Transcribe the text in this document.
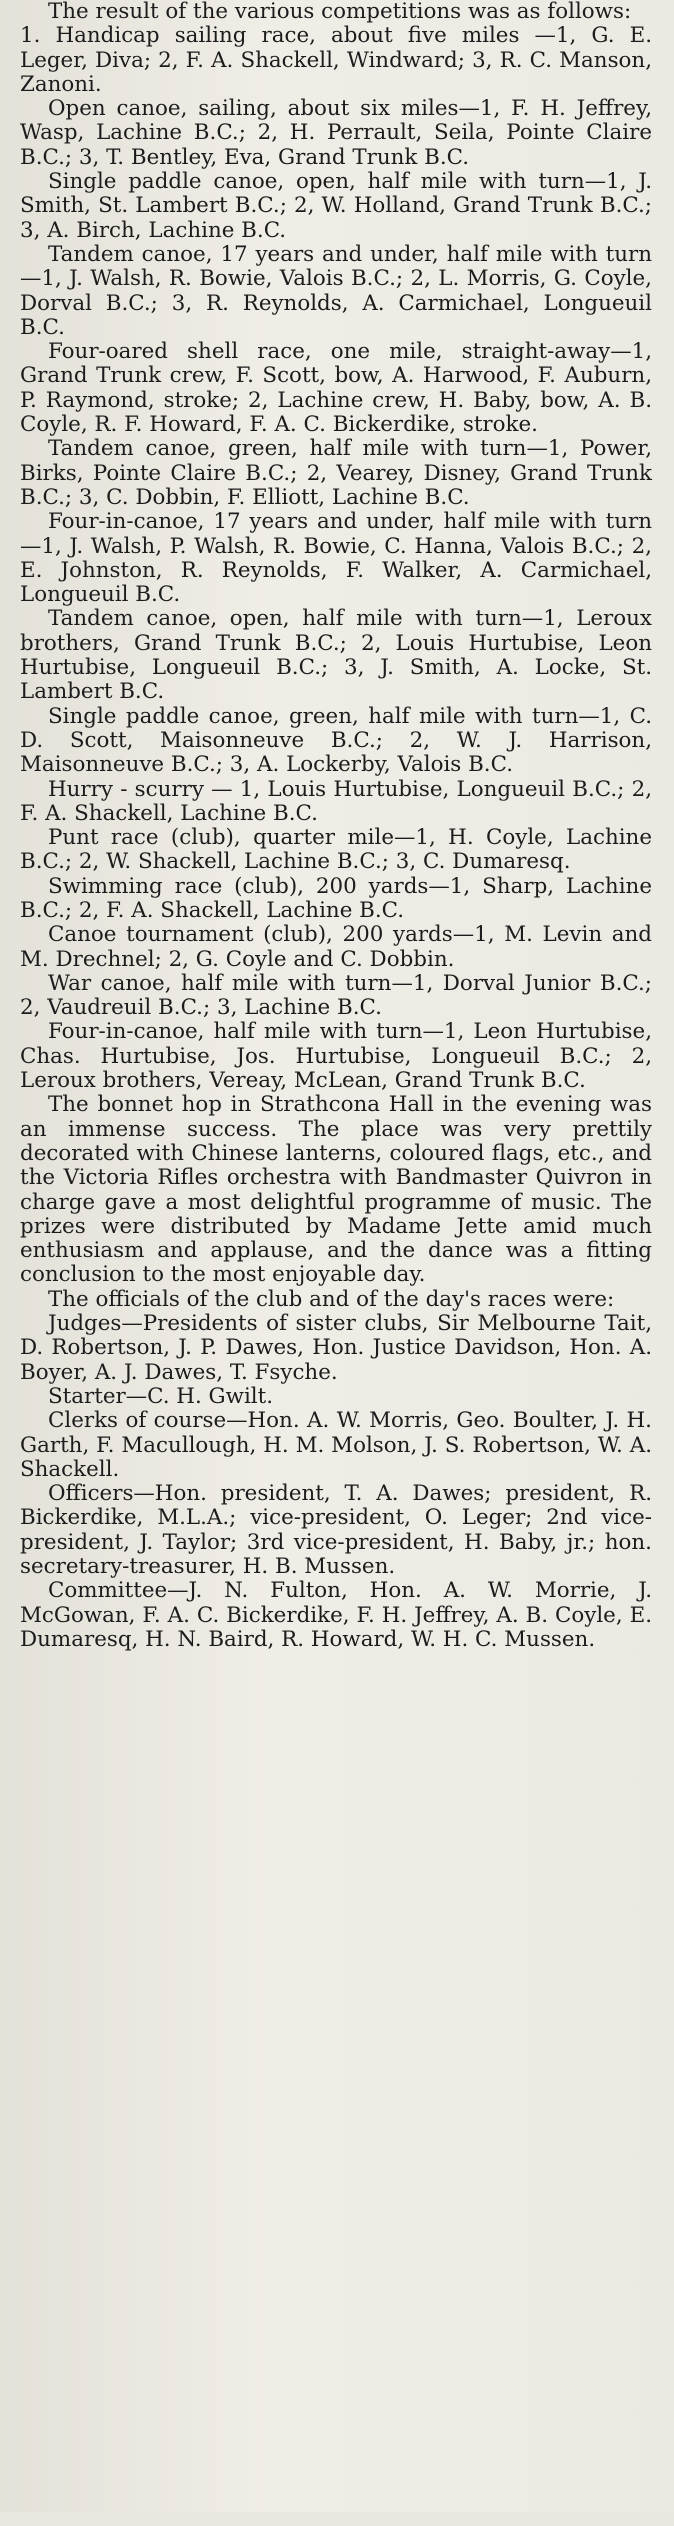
The result of the various competitions was as follows:

1. Handicap sailing race, about five miles —1, G. E. Leger, Diva; 2, F. A. Shackell, Windward; 3, R. C. Manson, Zanoni.

Open canoe, sailing, about six miles—1, F. H. Jeffrey, Wasp, Lachine B.C.; 2, H. Perrault, Seila, Pointe Claire B.C.; 3, T. Bentley, Eva, Grand Trunk B.C.

Single paddle canoe, open, half mile with turn—1, J. Smith, St. Lambert B.C.; 2, W. Holland, Grand Trunk B.C.; 3, A. Birch, Lachine B.C.

Tandem canoe, 17 years and under, half mile with turn—1, J. Walsh, R. Bowie, Valois B.C.; 2, L. Morris, G. Coyle, Dorval B.C.; 3, R. Reynolds, A. Carmichael, Longueuil B.C.

Four-oared shell race, one mile, straight-away—1, Grand Trunk crew, F. Scott, bow, A. Harwood, F. Auburn, P. Raymond, stroke; 2, Lachine crew, H. Baby, bow, A. B. Coyle, R. F. Howard, F. A. C. Bickerdike, stroke.

Tandem canoe, green, half mile with turn—1, Power, Birks, Pointe Claire B.C.; 2, Vearey, Disney, Grand Trunk B.C.; 3, C. Dobbin, F. Elliott, Lachine B.C.

Four-in-canoe, 17 years and under, half mile with turn—1, J. Walsh, P. Walsh, R. Bowie, C. Hanna, Valois B.C.; 2, E. Johnston, R. Reynolds, F. Walker, A. Carmichael, Longueuil B.C.

Tandem canoe, open, half mile with turn—1, Leroux brothers, Grand Trunk B.C.; 2, Louis Hurtubise, Leon Hurtubise, Longueuil B.C.; 3, J. Smith, A. Locke, St. Lambert B.C.

Single paddle canoe, green, half mile with turn—1, C. D. Scott, Maisonneuve B.C.; 2, W. J. Harrison, Maisonneuve B.C.; 3, A. Lockerby, Valois B.C.

Hurry - scurry — 1, Louis Hurtubise, Longueuil B.C.; 2, F. A. Shackell, Lachine B.C.

Punt race (club), quarter mile—1, H. Coyle, Lachine B.C.; 2, W. Shackell, Lachine B.C.; 3, C. Dumaresq.

Swimming race (club), 200 yards—1, Sharp, Lachine B.C.; 2, F. A. Shackell, Lachine B.C.

Canoe tournament (club), 200 yards—1, M. Levin and M. Drechnel; 2, G. Coyle and C. Dobbin.

War canoe, half mile with turn—1, Dorval Junior B.C.; 2, Vaudreuil B.C.; 3, Lachine B.C.

Four-in-canoe, half mile with turn—1, Leon Hurtubise, Chas. Hurtubise, Jos. Hurtubise, Longueuil B.C.; 2, Leroux brothers, Vereay, McLean, Grand Trunk B.C.

The bonnet hop in Strathcona Hall in the evening was an immense success. The place was very prettily decorated with Chinese lanterns, coloured flags, etc., and the Victoria Rifles orchestra with Bandmaster Quivron in charge gave a most delightful programme of music. The prizes were distributed by Madame Jette amid much enthusiasm and applause, and the dance was a fitting conclusion to the most enjoyable day.

The officials of the club and of the day's races were:

Judges—Presidents of sister clubs, Sir Melbourne Tait, D. Robertson, J. P. Dawes, Hon. Justice Davidson, Hon. A. Boyer, A. J. Dawes, T. Fsyche.

Starter—C. H. Gwilt.

Clerks of course—Hon. A. W. Morris, Geo. Boulter, J. H. Garth, F. Macullough, H. M. Molson, J. S. Robertson, W. A. Shackell.

Officers—Hon. president, T. A. Dawes; president, R. Bickerdike, M.L.A.; vice-president, O. Leger; 2nd vice-president, J. Taylor; 3rd vice-president, H. Baby, jr.; hon. secretary-treasurer, H. B. Mussen.

Committee—J. N. Fulton, Hon. A. W. Morrie, J. McGowan, F. A. C. Bickerdike, F. H. Jeffrey, A. B. Coyle, E. Dumaresq, H. N. Baird, R. Howard, W. H. C. Mussen.
